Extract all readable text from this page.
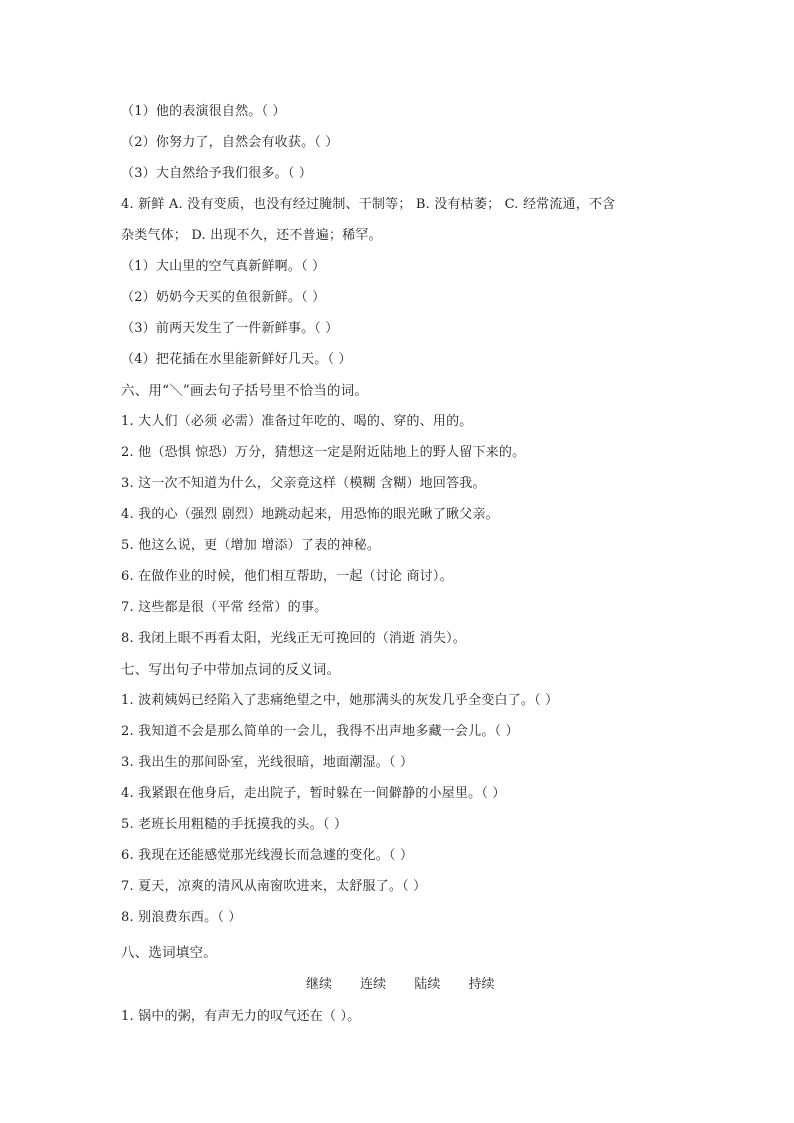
（1）他的表演很自然。（ ）
（2）你努力了，自然会有收获。（ ）
（3）大自然给予我们很多。（ ）
4. 新鲜 A. 没有变质，也没有经过腌制、干制等； B. 没有枯萎； C. 经常流通，不含
杂类气体； D. 出现不久，还不普遍；稀罕。
（1）大山里的空气真新鲜啊。（ ）
（2）奶奶今天买的鱼很新鲜。（ ）
（3）前两天发生了一件新鲜事。（ ）
（4）把花插在水里能新鲜好几天。（ ）
六、用“＼”画去句子括号里不恰当的词。
1. 大人们（必须 必需）准备过年吃的、喝的、穿的、用的。
2. 他（恐惧 惊恐）万分，猜想这一定是附近陆地上的野人留下来的。
3. 这一次不知道为什么，父亲竟这样（模糊 含糊）地回答我。
4. 我的心（强烈 剧烈）地跳动起来，用恐怖的眼光瞅了瞅父亲。
5. 他这么说，更（增加 增添）了表的神秘。
6. 在做作业的时候，他们相互帮助，一起（讨论 商讨）。
7. 这些都是很（平常 经常）的事。
8. 我闭上眼不再看太阳，光线正无可挽回的（消逝 消失）。
七、写出句子中带加点词的反义词。
1. 波莉姨妈已经陷入了悲痛绝望之中，她那满头的灰发几乎全变白了。（ ）
2. 我知道不会是那么简单的一会儿，我得不出声地多藏一会儿。（ ）
3. 我出生的那间卧室，光线很暗，地面潮湿。（ ）
4. 我紧跟在他身后，走出院子，暂时躲在一间僻静的小屋里。（ ）
5. 老班长用粗糙的手抚摸我的头。（ ）
6. 我现在还能感觉那光线漫长而急遽的变化。（ ）
7. 夏天，凉爽的清风从南窗吹进来，太舒服了。（ ）
8. 别浪费东西。（ ）
八、选词填空。
继续 连续 陆续 持续
1. 锅中的粥，有声无力的叹气还在（ ）。
